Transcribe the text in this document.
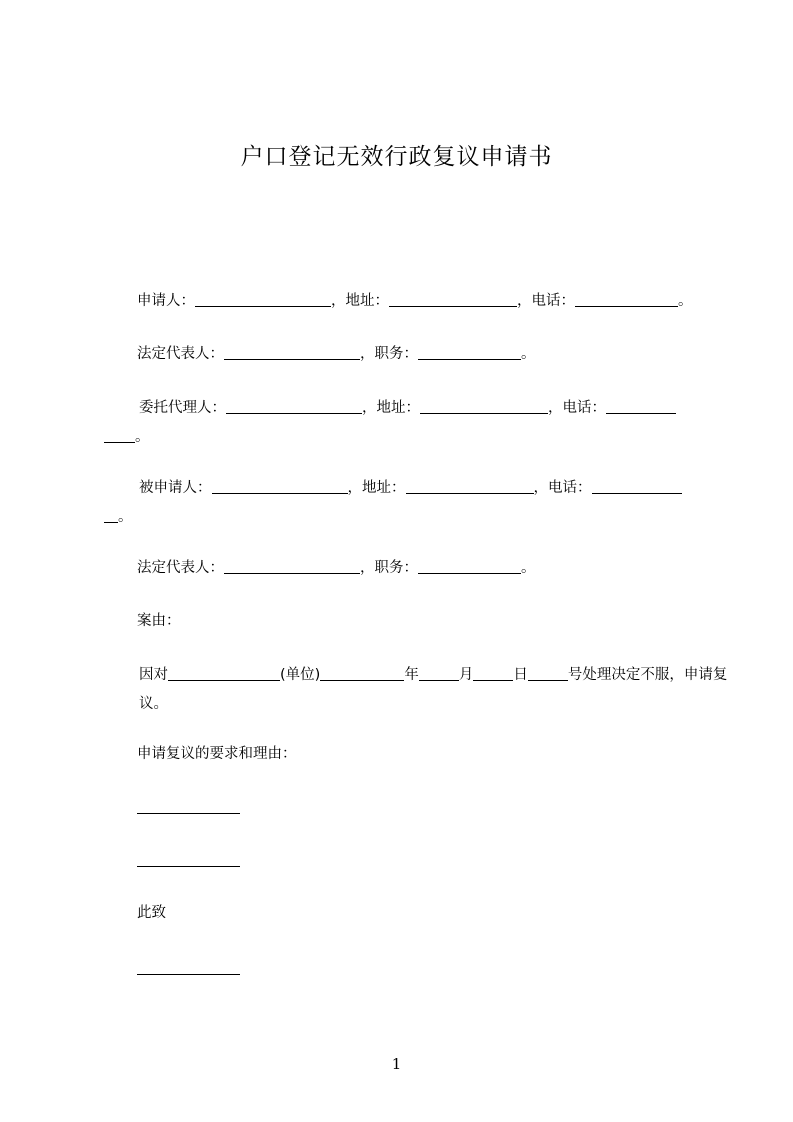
户口登记无效行政复议申请书
申请人：	，地址：	，电话：	。
法定代表人：	，职务：	。
委托代理人：	，地址：	，电话：
。
被申请人：	，地址：	，电话：
。
法定代表人：	，职务：	。
案由：
因对	(单位)	年	月	日	号处理决定不服，申请复议。
申请复议的要求和理由：
此致
1
